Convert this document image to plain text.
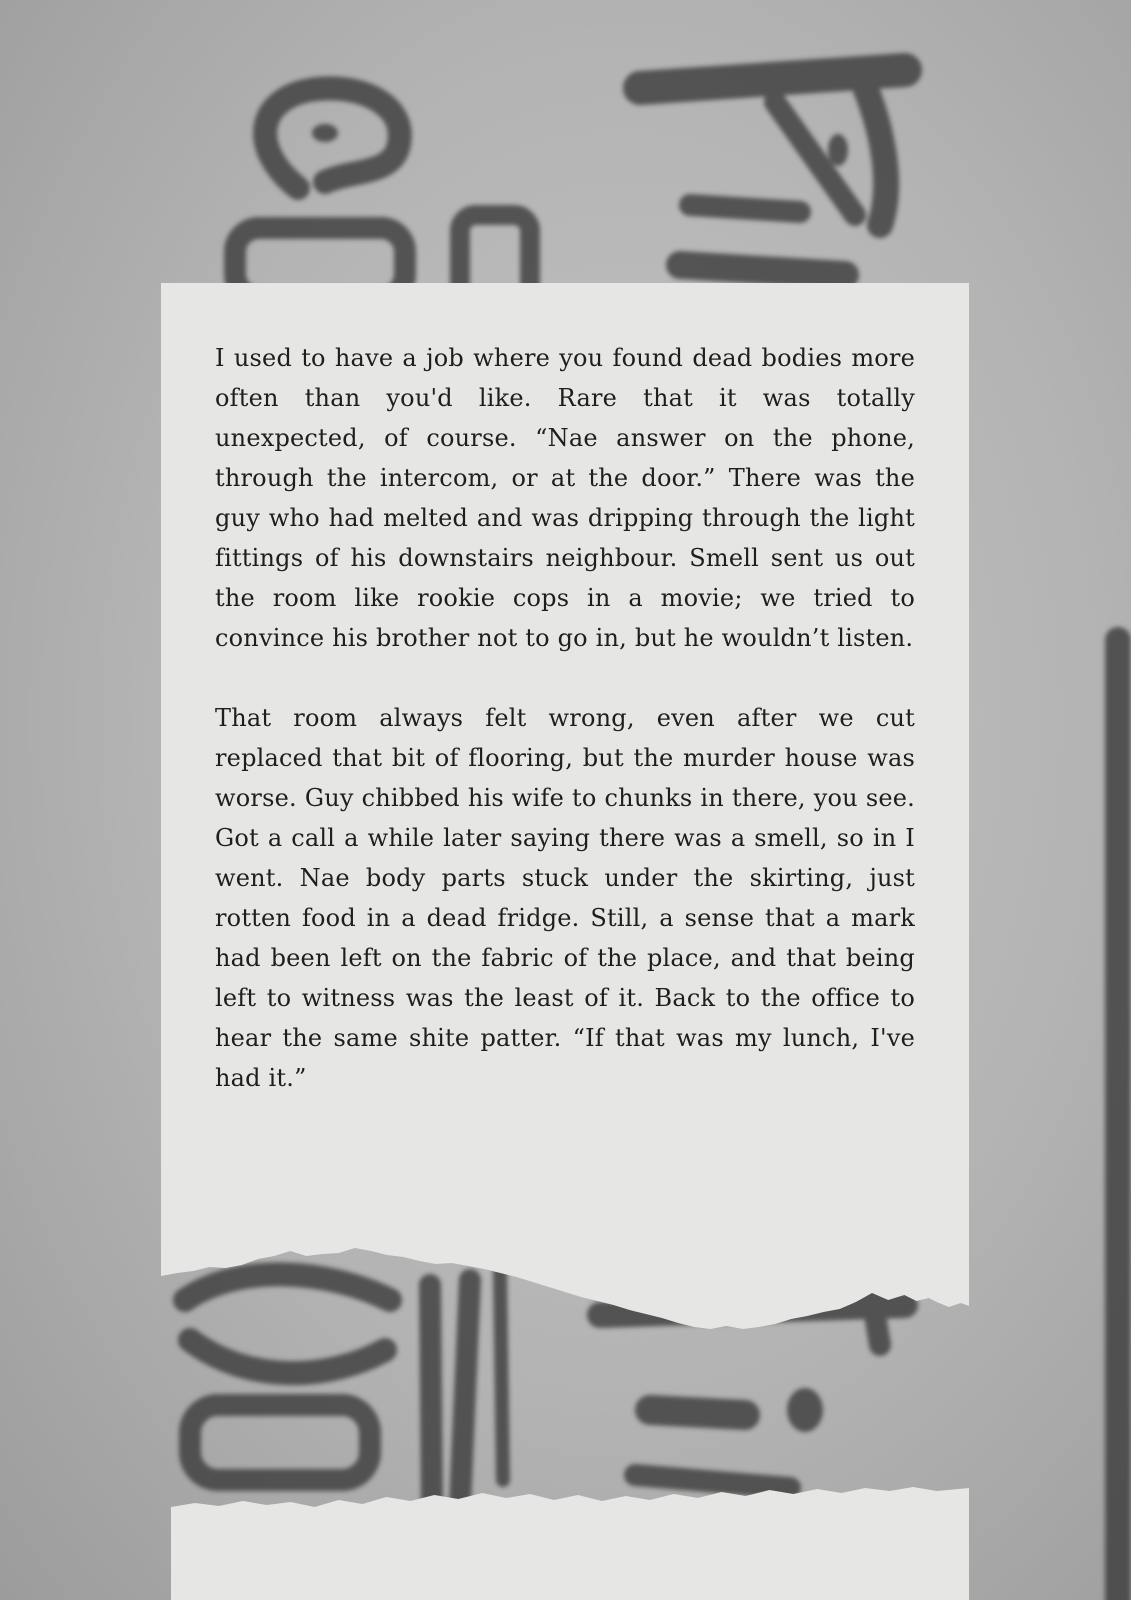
I used to have a job where you found dead bodies more often than you'd like. Rare that it was totally unexpected, of course. “Nae answer on the phone, through the intercom, or at the door.” There was the guy who had melted and was dripping through the light fittings of his downstairs neighbour. Smell sent us out the room like rookie cops in a movie; we tried to convince his brother not to go in, but he wouldn’t listen.

That room always felt wrong, even after we cut replaced that bit of flooring, but the murder house was worse. Guy chibbed his wife to chunks in there, you see. Got a call a while later saying there was a smell, so in I went. Nae body parts stuck under the skirting, just rotten food in a dead fridge. Still, a sense that a mark had been left on the fabric of the place, and that being left to witness was the least of it. Back to the office to hear the same shite patter. “If that was my lunch, I've had it.”
